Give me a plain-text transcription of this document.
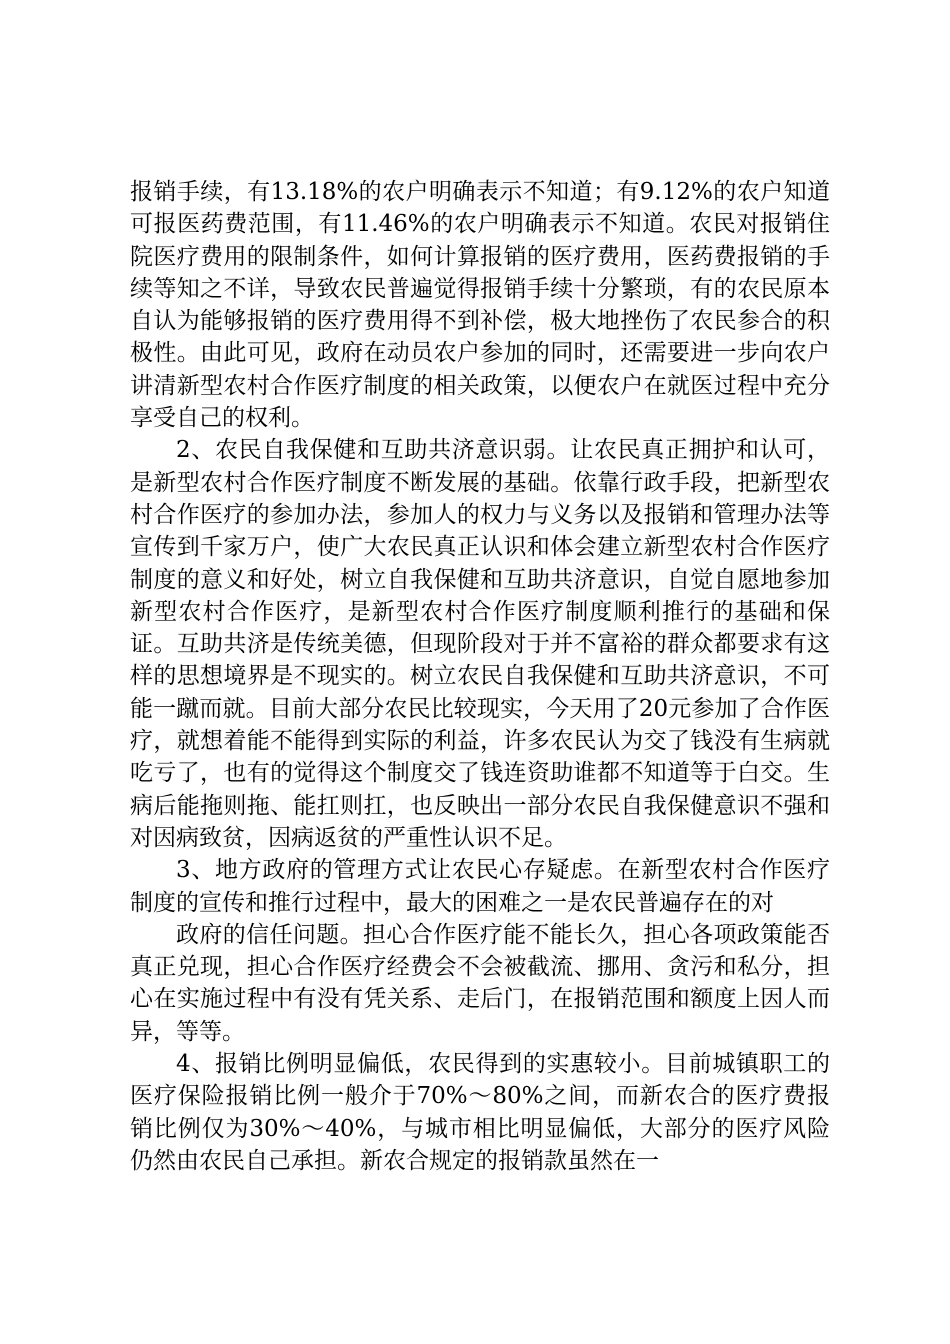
报销手续，有13.18%的农户明确表示不知道；有9.12%的农户知道可报医药费范围，有11.46%的农户明确表示不知道。农民对报销住院医疗费用的限制条件，如何计算报销的医疗费用，医药费报销的手续等知之不详，导致农民普遍觉得报销手续十分繁琐，有的农民原本自认为能够报销的医疗费用得不到补偿，极大地挫伤了农民参合的积极性。由此可见，政府在动员农户参加的同时，还需要进一步向农户讲清新型农村合作医疗制度的相关政策，以便农户在就医过程中充分享受自己的权利。

2、农民自我保健和互助共济意识弱。让农民真正拥护和认可，是新型农村合作医疗制度不断发展的基础。依靠行政手段，把新型农村合作医疗的参加办法，参加人的权力与义务以及报销和管理办法等宣传到千家万户，使广大农民真正认识和体会建立新型农村合作医疗制度的意义和好处，树立自我保健和互助共济意识，自觉自愿地参加新型农村合作医疗，是新型农村合作医疗制度顺利推行的基础和保证。互助共济是传统美德，但现阶段对于并不富裕的群众都要求有这样的思想境界是不现实的。树立农民自我保健和互助共济意识，不可能一蹴而就。目前大部分农民比较现实，今天用了20元参加了合作医疗，就想着能不能得到实际的利益，许多农民认为交了钱没有生病就吃亏了，也有的觉得这个制度交了钱连资助谁都不知道等于白交。生病后能拖则拖、能扛则扛，也反映出一部分农民自我保健意识不强和对因病致贫，因病返贫的严重性认识不足。

3、地方政府的管理方式让农民心存疑虑。在新型农村合作医疗制度的宣传和推行过程中，最大的困难之一是农民普遍存在的对

政府的信任问题。担心合作医疗能不能长久，担心各项政策能否真正兑现，担心合作医疗经费会不会被截流、挪用、贪污和私分，担心在实施过程中有没有凭关系、走后门，在报销范围和额度上因人而异，等等。

4、报销比例明显偏低，农民得到的实惠较小。目前城镇职工的医疗保险报销比例一般介于70%～80%之间，而新农合的医疗费报销比例仅为30%～40%，与城市相比明显偏低，大部分的医疗风险仍然由农民自己承担。新农合规定的报销款虽然在一
